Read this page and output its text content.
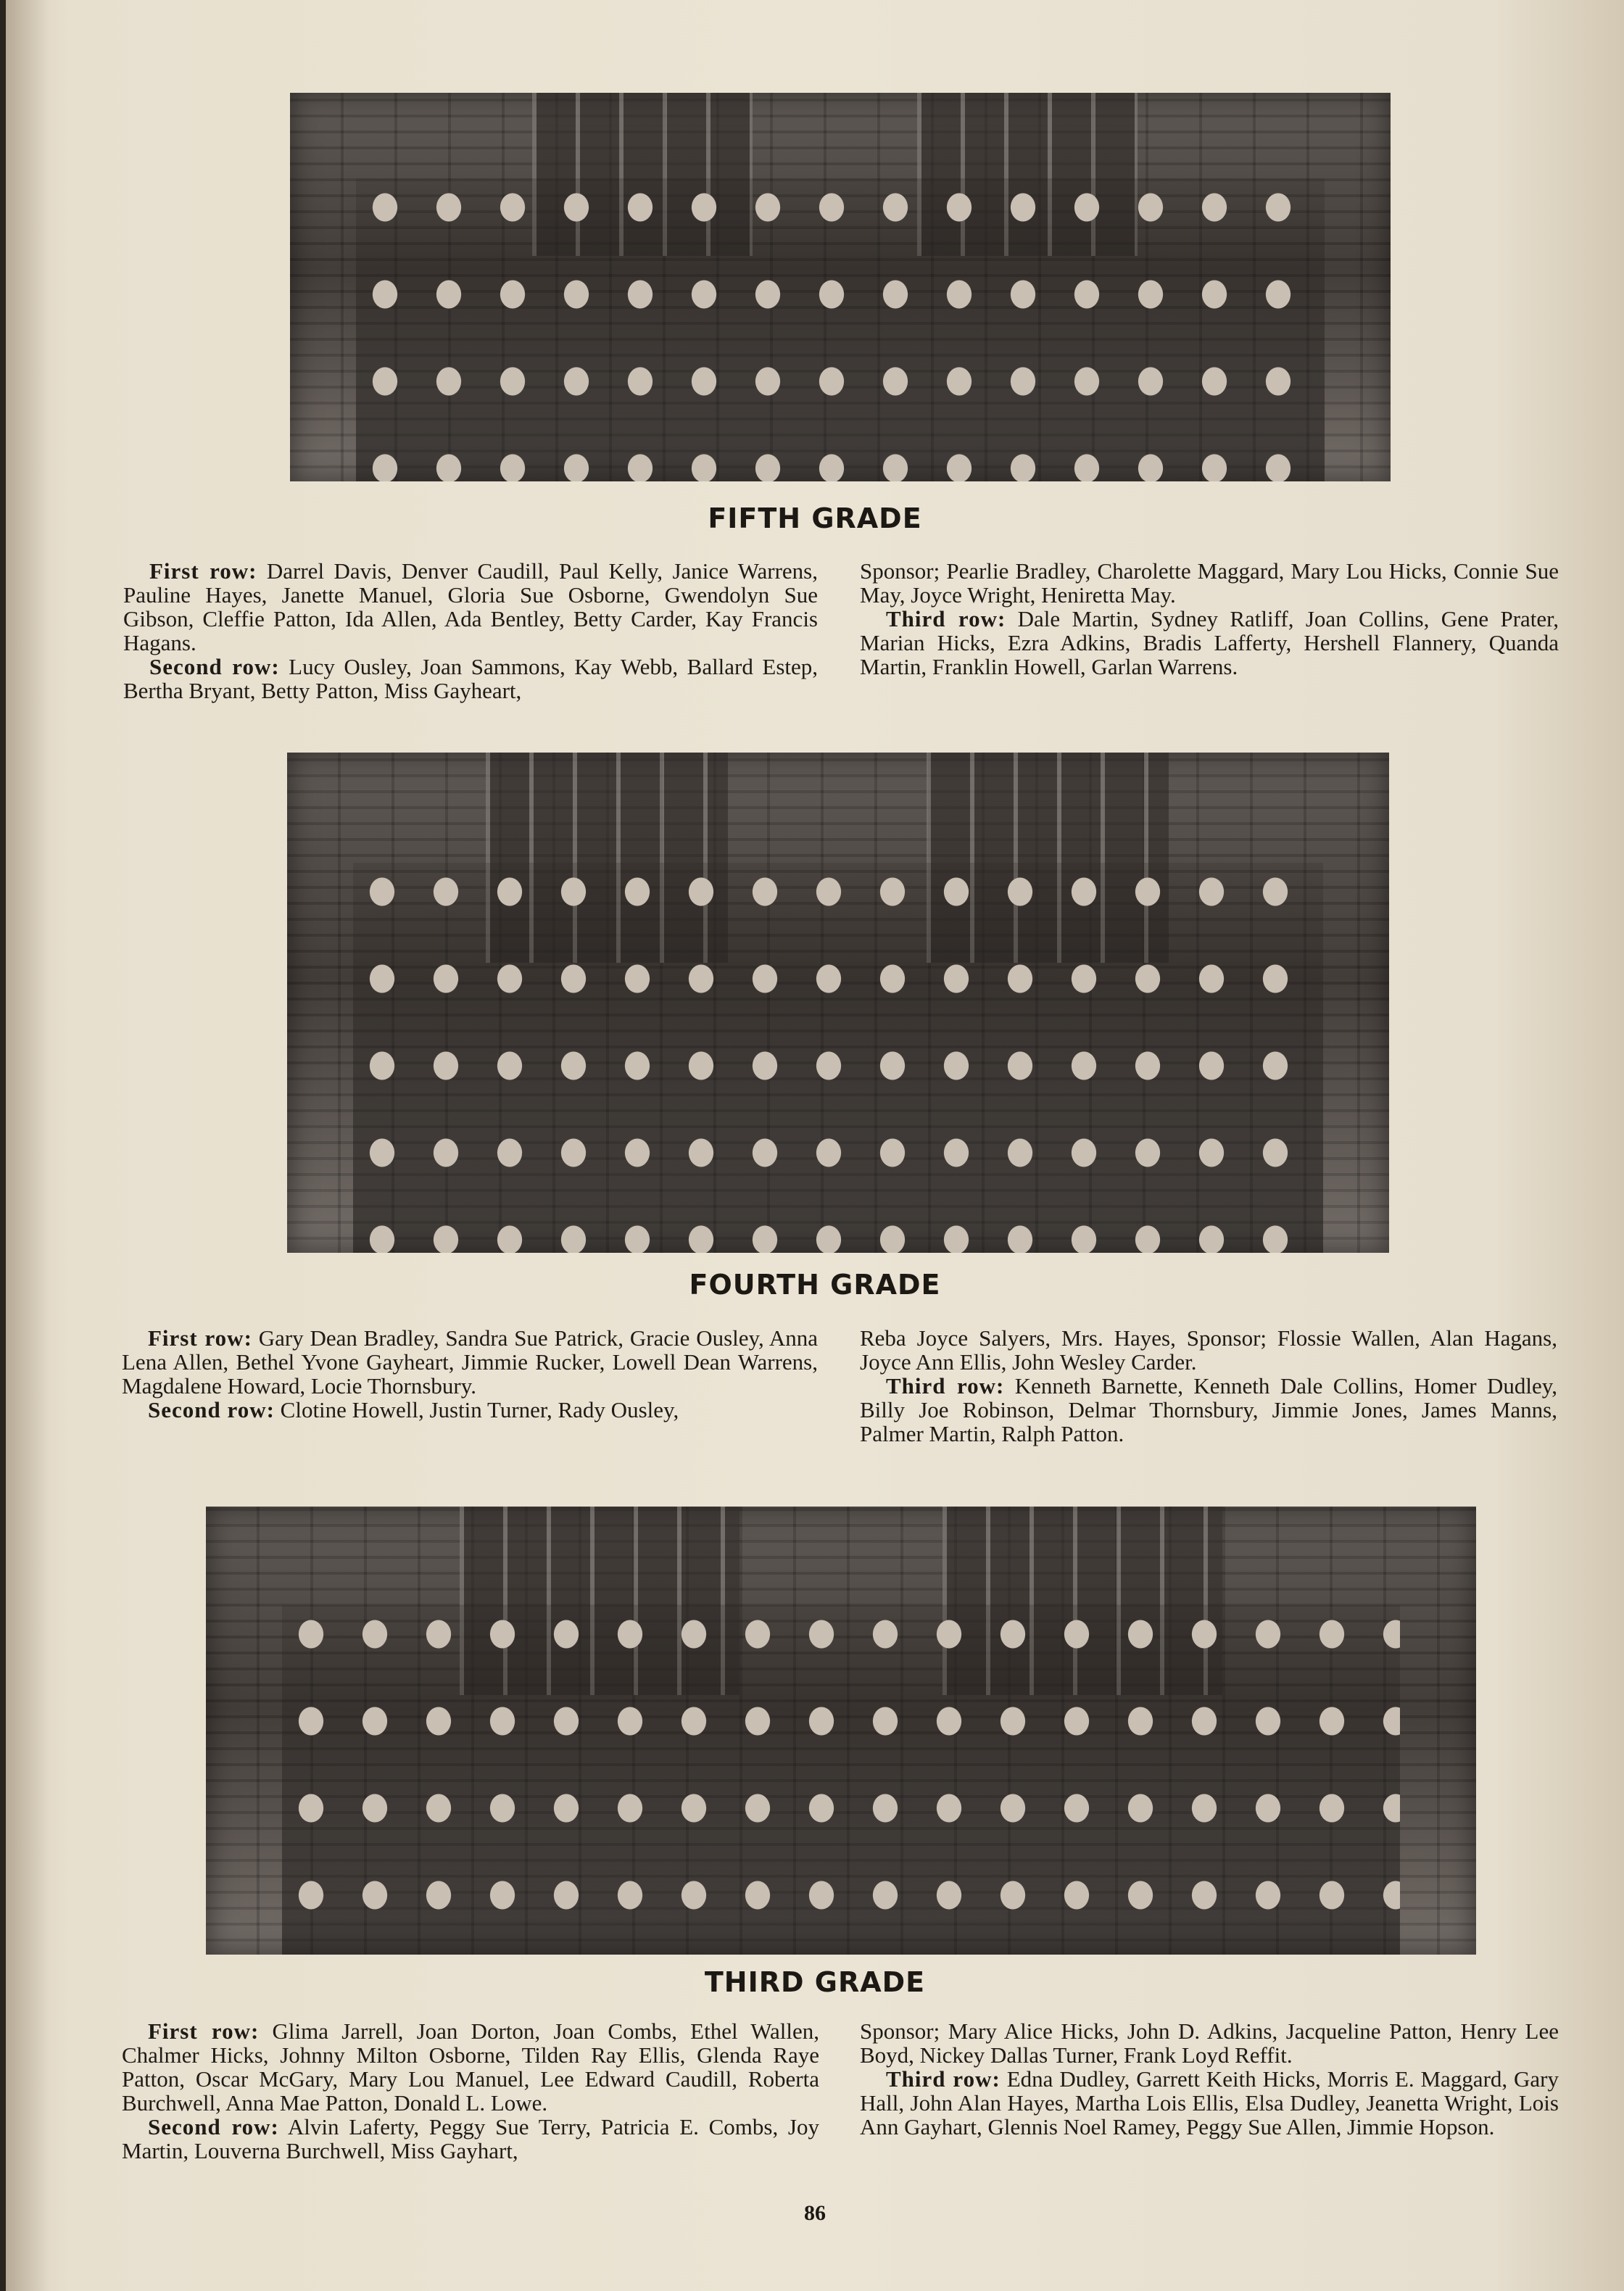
FIFTH GRADE

First row: Darrel Davis, Denver Caudill, Paul Kelly, Janice Warrens, Pauline Hayes, Janette Manuel, Gloria Sue Osborne, Gwendolyn Sue Gibson, Cleffie Patton, Ida Allen, Ada Bentley, Betty Carder, Kay Francis Hagans.

Second row: Lucy Ousley, Joan Sammons, Kay Webb, Ballard Estep, Bertha Bryant, Betty Patton, Miss Gayheart,

Sponsor; Pearlie Bradley, Charolette Maggard, Mary Lou Hicks, Connie Sue May, Joyce Wright, Heniretta May.

Third row: Dale Martin, Sydney Ratliff, Joan Collins, Gene Prater, Marian Hicks, Ezra Adkins, Bradis Lafferty, Hershell Flannery, Quanda Martin, Franklin Howell, Garlan Warrens.

FOURTH GRADE

First row: Gary Dean Bradley, Sandra Sue Patrick, Gracie Ousley, Anna Lena Allen, Bethel Yvone Gayheart, Jimmie Rucker, Lowell Dean Warrens, Magdalene Howard, Locie Thornsbury.

Second row: Clotine Howell, Justin Turner, Rady Ousley,

Reba Joyce Salyers, Mrs. Hayes, Sponsor; Flossie Wallen, Alan Hagans, Joyce Ann Ellis, John Wesley Carder.

Third row: Kenneth Barnette, Kenneth Dale Collins, Homer Dudley, Billy Joe Robinson, Delmar Thornsbury, Jimmie Jones, James Manns, Palmer Martin, Ralph Patton.

THIRD GRADE

First row: Glima Jarrell, Joan Dorton, Joan Combs, Ethel Wallen, Chalmer Hicks, Johnny Milton Osborne, Tilden Ray Ellis, Glenda Raye Patton, Oscar McGary, Mary Lou Manuel, Lee Edward Caudill, Roberta Burchwell, Anna Mae Patton, Donald L. Lowe.

Second row: Alvin Laferty, Peggy Sue Terry, Patricia E. Combs, Joy Martin, Louverna Burchwell, Miss Gayhart,

Sponsor; Mary Alice Hicks, John D. Adkins, Jacqueline Patton, Henry Lee Boyd, Nickey Dallas Turner, Frank Loyd Reffit.

Third row: Edna Dudley, Garrett Keith Hicks, Morris E. Maggard, Gary Hall, John Alan Hayes, Martha Lois Ellis, Elsa Dudley, Jeanetta Wright, Lois Ann Gayhart, Glennis Noel Ramey, Peggy Sue Allen, Jimmie Hopson.

86
